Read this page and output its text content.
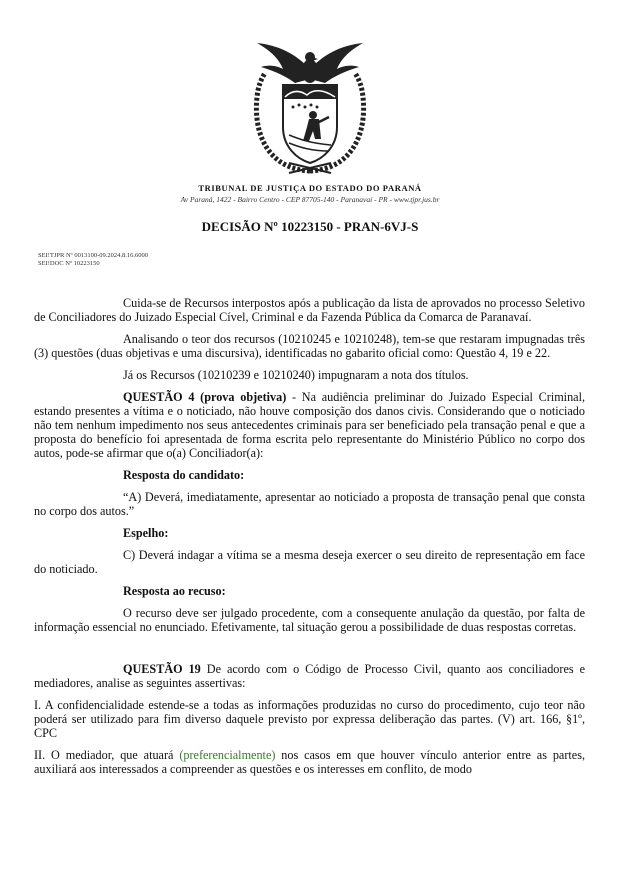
TRIBUNAL DE JUSTIÇA DO ESTADO DO PARANÁ
Av Paraná, 1422 - Bairro Centro - CEP 87705-140 - Paranavaí - PR - www.tjpr.jus.br
DECISÃO Nº 10223150 - PRAN-6VJ-S
SEI!TJPR Nº 0013100-09.2024.8.16.6000
SEI!DOC Nº 10223150

Cuida-se de Recursos interpostos após a publicação da lista de aprovados no processo Seletivo de Conciliadores do Juizado Especial Cível, Criminal e da Fazenda Pública da Comarca de Paranavaí.

Analisando o teor dos recursos (10210245 e 10210248), tem-se que restaram impugnadas três (3) questões (duas objetivas e uma discursiva), identificadas no gabarito oficial como: Questão 4, 19 e 22.

Já os Recursos (10210239 e 10210240) impugnaram a nota dos títulos.

QUESTÃO 4 (prova objetiva) - Na audiência preliminar do Juizado Especial Criminal, estando presentes a vítima e o noticiado, não houve composição dos danos civis. Considerando que o noticiado não tem nenhum impedimento nos seus antecedentes criminais para ser beneficiado pela transação penal e que a proposta do benefício foi apresentada de forma escrita pelo representante do Ministério Público no corpo dos autos, pode-se afirmar que o(a) Conciliador(a):

Resposta do candidato:

“A) Deverá, imediatamente, apresentar ao noticiado a proposta de transação penal que consta no corpo dos autos.”

Espelho:

C) Deverá indagar a vítima se a mesma deseja exercer o seu direito de representação em face do noticiado.

Resposta ao recuso:

O recurso deve ser julgado procedente, com a consequente anulação da questão, por falta de informação essencial no enunciado. Efetivamente, tal situação gerou a possibilidade de duas respostas corretas.

QUESTÃO 19 De acordo com o Código de Processo Civil, quanto aos conciliadores e mediadores, analise as seguintes assertivas:

I. A confidencialidade estende-se a todas as informações produzidas no curso do procedimento, cujo teor não poderá ser utilizado para fim diverso daquele previsto por expressa deliberação das partes. (V) art. 166, §1º, CPC

II. O mediador, que atuará (preferencialmente) nos casos em que houver vínculo anterior entre as partes, auxiliará aos interessados a compreender as questões e os interesses em conflito, de modo
